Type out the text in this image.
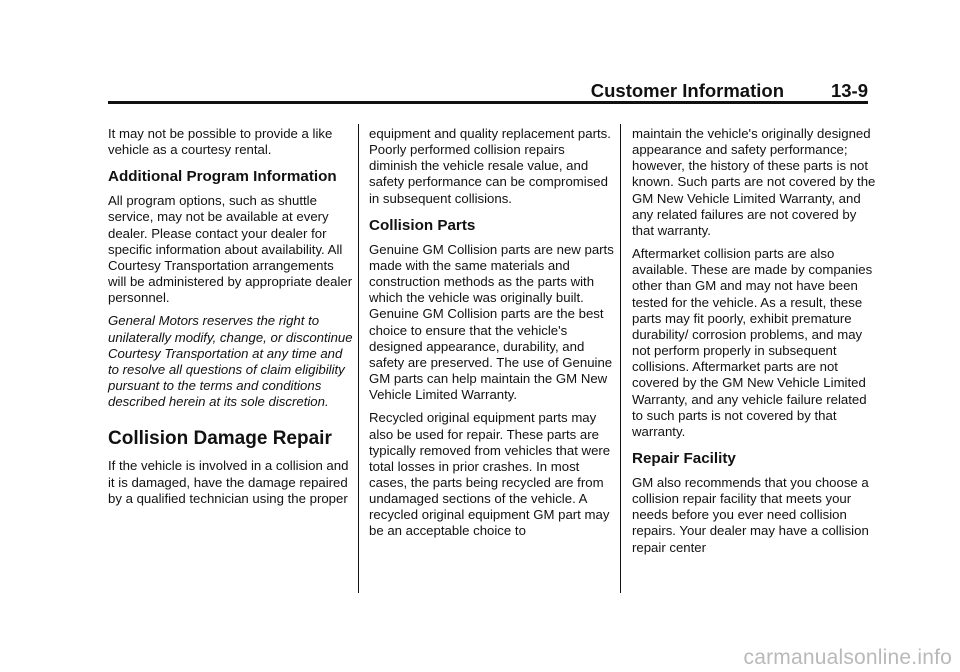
Customer Information	13-9

It may not be possible to provide a like vehicle as a courtesy rental.

Additional Program Information

All program options, such as shuttle service, may not be available at every dealer. Please contact your dealer for specific information about availability. All Courtesy Transportation arrangements will be administered by appropriate dealer personnel.

General Motors reserves the right to unilaterally modify, change, or discontinue Courtesy Transportation at any time and to resolve all questions of claim eligibility pursuant to the terms and conditions described herein at its sole discretion.

Collision Damage Repair

If the vehicle is involved in a collision and it is damaged, have the damage repaired by a qualified technician using the proper

equipment and quality replacement parts. Poorly performed collision repairs diminish the vehicle resale value, and safety performance can be compromised in subsequent collisions.

Collision Parts

Genuine GM Collision parts are new parts made with the same materials and construction methods as the parts with which the vehicle was originally built. Genuine GM Collision parts are the best choice to ensure that the vehicle's designed appearance, durability, and safety are preserved. The use of Genuine GM parts can help maintain the GM New Vehicle Limited Warranty.

Recycled original equipment parts may also be used for repair. These parts are typically removed from vehicles that were total losses in prior crashes. In most cases, the parts being recycled are from undamaged sections of the vehicle. A recycled original equipment GM part may be an acceptable choice to

maintain the vehicle's originally designed appearance and safety performance; however, the history of these parts is not known. Such parts are not covered by the GM New Vehicle Limited Warranty, and any related failures are not covered by that warranty.

Aftermarket collision parts are also available. These are made by companies other than GM and may not have been tested for the vehicle. As a result, these parts may fit poorly, exhibit premature durability/ corrosion problems, and may not perform properly in subsequent collisions. Aftermarket parts are not covered by the GM New Vehicle Limited Warranty, and any vehicle failure related to such parts is not covered by that warranty.

Repair Facility

GM also recommends that you choose a collision repair facility that meets your needs before you ever need collision repairs. Your dealer may have a collision repair center

carmanualsonline.info
